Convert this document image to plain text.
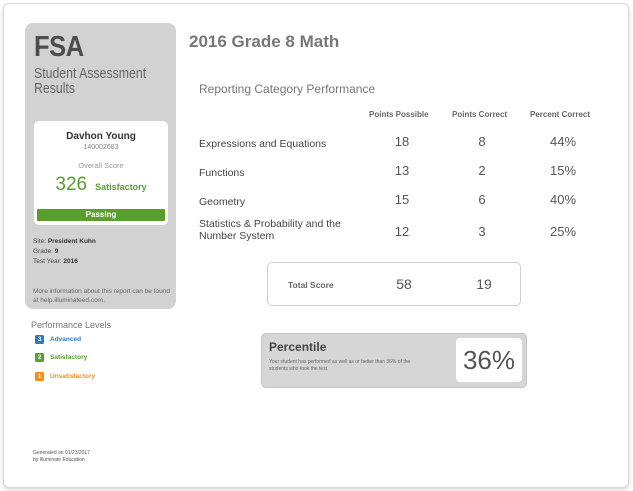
FSA
Student Assessment Results
Davhon Young
140002683
Overall Score
326 Satisfactory
Passing
Site: President Kuhn
Grade: 9
Test Year: 2016
More information about this report can be found at help.illuminateed.com.
Performance Levels
3	Advanced
2	Satisfactory
1	Unsatisfactory
Generated on 01/23/2017
by Illuminate Education
2016 Grade 8 Math
Reporting Category Performance
Points Possible	Points Correct	Percent Correct
Expressions and Equations	18	8	44%
Functions	13	2	15%
Geometry	15	6	40%
Statistics & Probability and the Number System	12	3	25%
Total Score	58	19
Percentile
Your student has performed as well as or better than 36% of the students who took the test.	36%
